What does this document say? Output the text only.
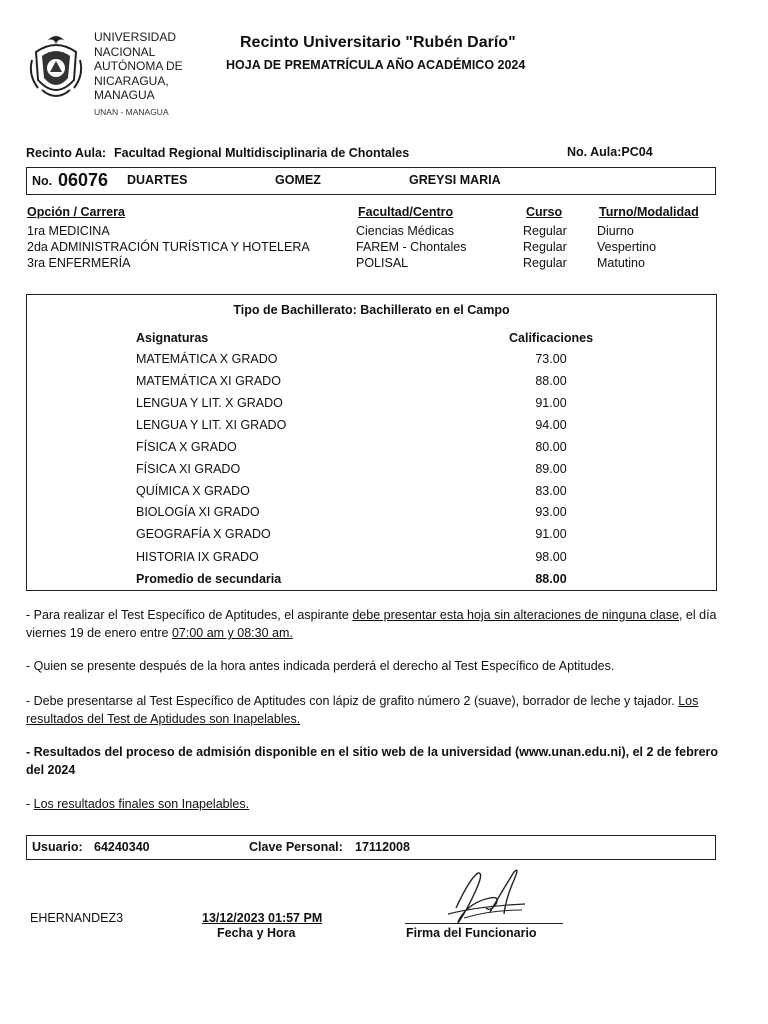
UNIVERSIDAD
NACIONAL
AUTÓNOMA DE
NICARAGUA,
MANAGUA
UNAN - MANAGUA
Recinto Universitario "Rubén Darío"
HOJA DE PREMATRÍCULA AÑO ACADÉMICO 2024
Recinto Aula: Facultad Regional Multidisciplinaria de Chontales	No. Aula:PC04
No. 06076 DUARTES	GOMEZ	GREYSI MARIA
Opción / Carrera	Facultad/Centro	Curso	Turno/Modalidad
1ra MEDICINA	Ciencias Médicas	Regular Diurno
2da ADMINISTRACIÓN TURÍSTICA Y HOTELERA	FAREM - Chontales	Regular Vespertino
3ra ENFERMERÍA	POLISAL	Regular Matutino
Tipo de Bachillerato: Bachillerato en el Campo
Asignaturas	Calificaciones
MATEMÁTICA X GRADO	73.00
MATEMÁTICA XI GRADO	88.00
LENGUA Y LIT. X GRADO	91.00
LENGUA Y LIT. XI GRADO	94.00
FÍSICA X GRADO	80.00
FÍSICA XI GRADO	89.00
QUÍMICA X GRADO	83.00
BIOLOGÍA XI GRADO	93.00
GEOGRAFÍA X GRADO	91.00
HISTORIA IX GRADO	98.00
Promedio de secundaria	88.00
- Para realizar el Test Específico de Aptitudes, el aspirante debe presentar esta hoja sin alteraciones de ninguna clase, el día viernes 19 de enero entre 07:00 am y 08:30 am.
- Quien se presente después de la hora antes indicada perderá el derecho al Test Específico de Aptitudes.
- Debe presentarse al Test Específico de Aptitudes con lápiz de grafito número 2 (suave), borrador de leche y tajador. Los resultados del Test de Aptidudes son Inapelables.
- Resultados del proceso de admisión disponible en el sitio web de la universidad (www.unan.edu.ni), el 2 de febrero del 2024
- Los resultados finales son Inapelables.
Usuario: 64240340	Clave Personal: 17112008
EHERNANDEZ3	13/12/2023 01:57 PM
Fecha y Hora	Firma del Funcionario
